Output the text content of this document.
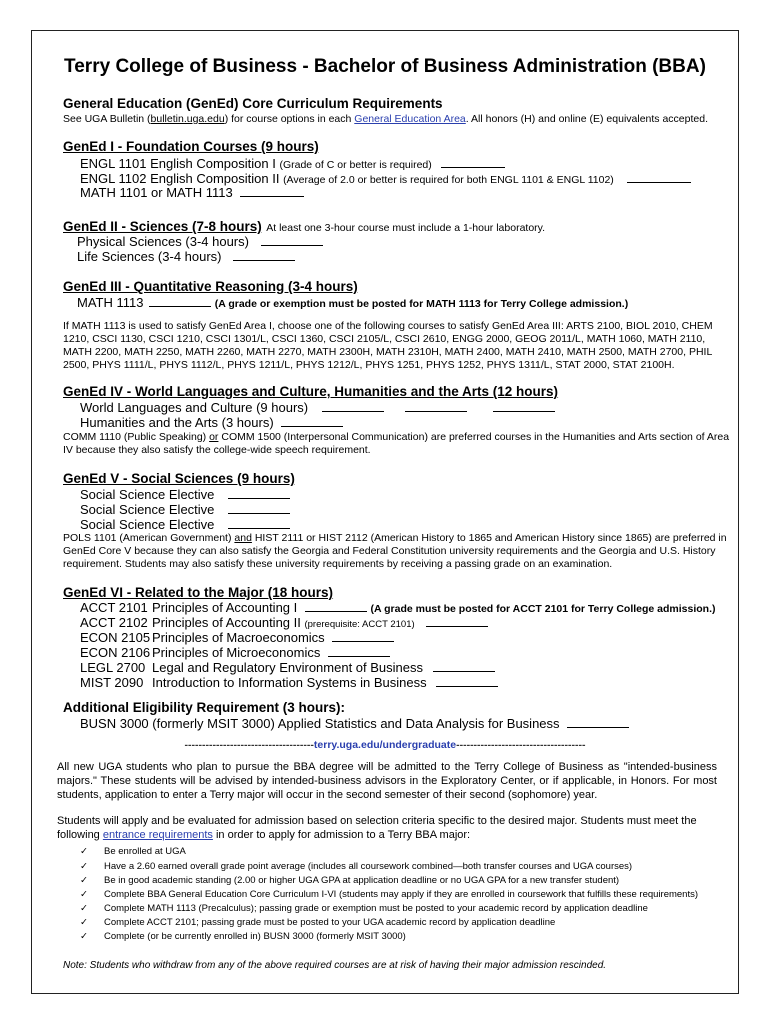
Terry College of Business - Bachelor of Business Administration (BBA)
General Education (GenEd) Core Curriculum Requirements
See UGA Bulletin (bulletin.uga.edu) for course options in each General Education Area. All honors (H) and online (E) equivalents accepted.
GenEd I - Foundation Courses (9 hours)
ENGL 1101 English Composition I (Grade of C or better is required)
ENGL 1102 English Composition II (Average of 2.0 or better is required for both ENGL 1101 & ENGL 1102)
MATH 1101 or MATH 1113
GenEd II - Sciences (7-8 hours) At least one 3-hour course must include a 1-hour laboratory.
Physical Sciences (3-4 hours)
Life Sciences (3-4 hours)
GenEd III - Quantitative Reasoning (3-4 hours)
MATH 1113	(A grade or exemption must be posted for MATH 1113 for Terry College admission.)
If MATH 1113 is used to satisfy GenEd Area I, choose one of the following courses to satisfy GenEd Area III: ARTS 2100, BIOL 2010, CHEM 1210, CSCI 1130, CSCI 1210, CSCI 1301/L, CSCI 1360, CSCI 2105/L, CSCI 2610, ENGG 2000, GEOG 2011/L, MATH 1060, MATH 2110, MATH 2200, MATH 2250, MATH 2260, MATH 2270, MATH 2300H, MATH 2310H, MATH 2400, MATH 2410, MATH 2500, MATH 2700, PHIL 2500, PHYS 1111/L, PHYS 1112/L, PHYS 1211/L, PHYS 1212/L, PHYS 1251, PHYS 1252, PHYS 1311/L, STAT 2000, STAT 2100H.
GenEd IV - World Languages and Culture, Humanities and the Arts (12 hours)
World Languages and Culture (9 hours)
Humanities and the Arts (3 hours)
COMM 1110 (Public Speaking) or COMM 1500 (Interpersonal Communication) are preferred courses in the Humanities and Arts section of Area IV because they also satisfy the college-wide speech requirement.
GenEd V - Social Sciences (9 hours)
Social Science Elective
Social Science Elective
Social Science Elective
POLS 1101 (American Government) and HIST 2111 or HIST 2112 (American History to 1865 and American History since 1865) are preferred in GenEd Core V because they can also satisfy the Georgia and Federal Constitution university requirements and the Georgia and U.S. History requirement. Students may also satisfy these university requirements by receiving a passing grade on an examination.
GenEd VI - Related to the Major (18 hours)
ACCT 2101 Principles of Accounting I	(A grade must be posted for ACCT 2101 for Terry College admission.)
ACCT 2102 Principles of Accounting II (prerequisite: ACCT 2101)
ECON 2105 Principles of Macroeconomics
ECON 2106 Principles of Microeconomics
LEGL 2700 Legal and Regulatory Environment of Business
MIST 2090 Introduction to Information Systems in Business
Additional Eligibility Requirement (3 hours):
BUSN 3000 (formerly MSIT 3000) Applied Statistics and Data Analysis for Business
-------------------------------------terry.uga.edu/undergraduate-------------------------------------
All new UGA students who plan to pursue the BBA degree will be admitted to the Terry College of Business as "intended-business majors." These students will be advised by intended-business advisors in the Exploratory Center, or if applicable, in Honors. For most students, application to enter a Terry major will occur in the second semester of their second (sophomore) year.
Students will apply and be evaluated for admission based on selection criteria specific to the desired major. Students must meet the following entrance requirements in order to apply for admission to a Terry BBA major:
✓ Be enrolled at UGA
✓ Have a 2.60 earned overall grade point average (includes all coursework combined—both transfer courses and UGA courses)
✓ Be in good academic standing (2.00 or higher UGA GPA at application deadline or no UGA GPA for a new transfer student)
✓ Complete BBA General Education Core Curriculum I-VI (students may apply if they are enrolled in coursework that fulfills these requirements)
✓ Complete MATH 1113 (Precalculus); passing grade or exemption must be posted to your academic record by application deadline
✓ Complete ACCT 2101; passing grade must be posted to your UGA academic record by application deadline
✓ Complete (or be currently enrolled in) BUSN 3000 (formerly MSIT 3000)
Note: Students who withdraw from any of the above required courses are at risk of having their major admission rescinded.
